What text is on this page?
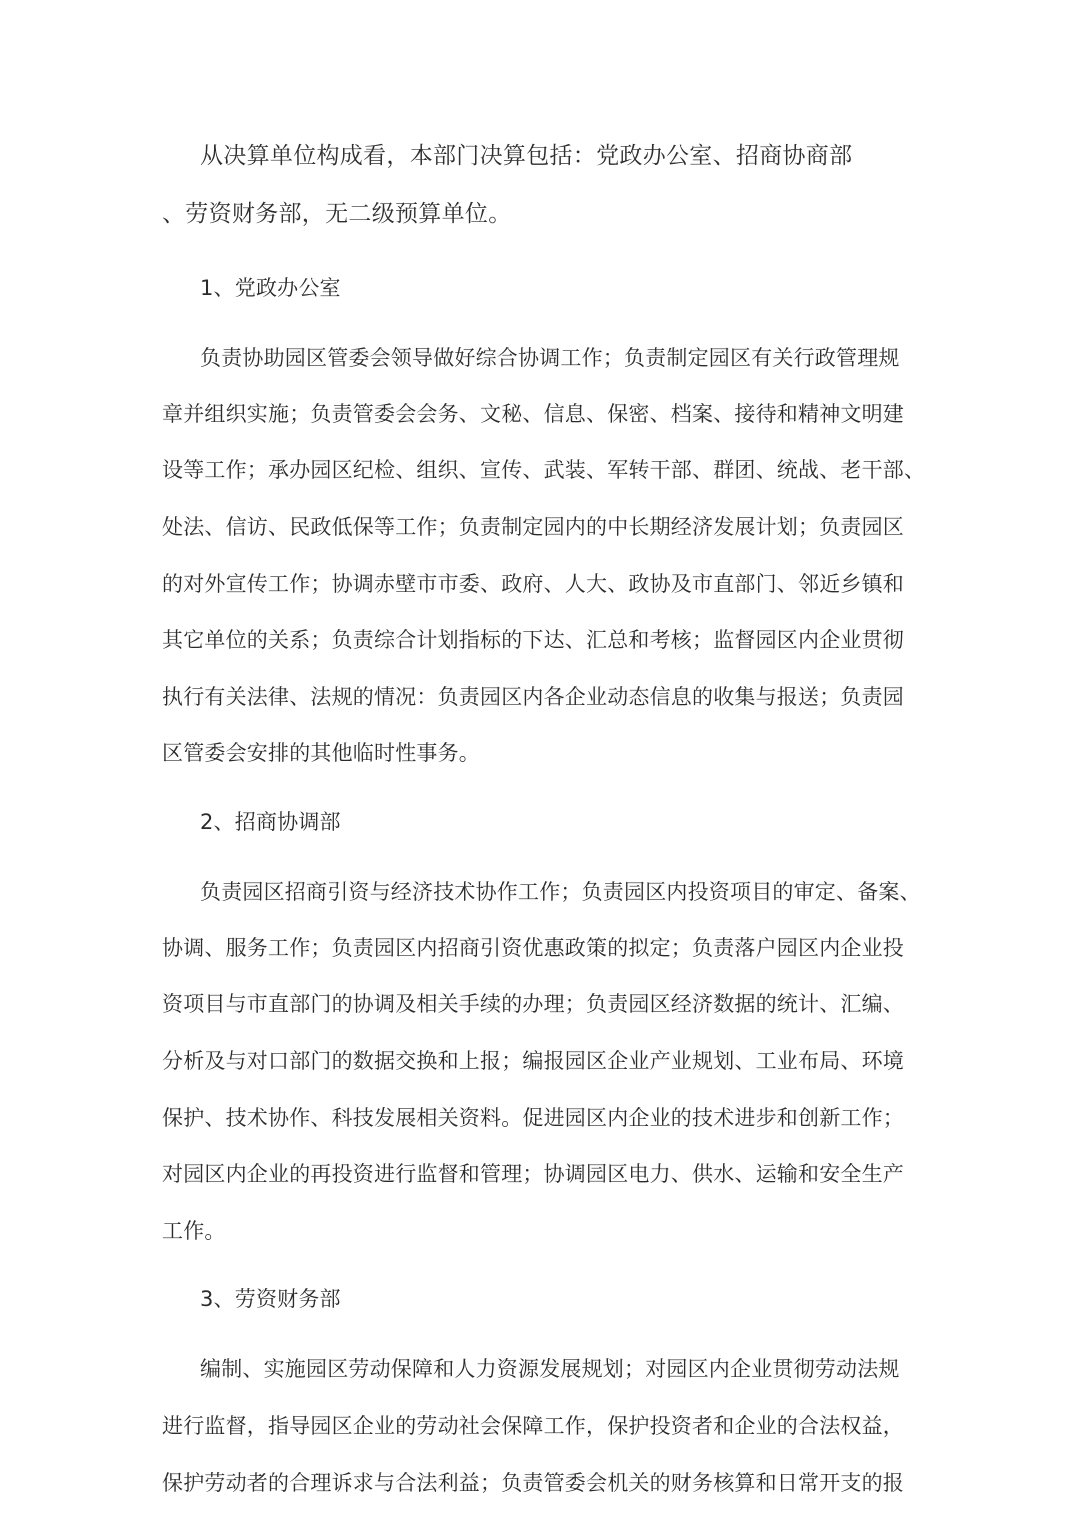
从决算单位构成看，本部门决算包括：党政办公室、招商协商部
、劳资财务部，无二级预算单位。
1、党政办公室
负责协助园区管委会领导做好综合协调工作；负责制定园区有关行政管理规
章并组织实施；负责管委会会务、文秘、信息、保密、档案、接待和精神文明建
设等工作；承办园区纪检、组织、宣传、武装、军转干部、群团、统战、老干部、
处法、信访、民政低保等工作；负责制定园内的中长期经济发展计划；负责园区
的对外宣传工作；协调赤壁市市委、政府、人大、政协及市直部门、邻近乡镇和
其它单位的关系；负责综合计划指标的下达、汇总和考核；监督园区内企业贯彻
执行有关法律、法规的情况：负责园区内各企业动态信息的收集与报送；负责园
区管委会安排的其他临时性事务。
2、招商协调部
负责园区招商引资与经济技术协作工作；负责园区内投资项目的审定、备案、
协调、服务工作；负责园区内招商引资优惠政策的拟定；负责落户园区内企业投
资项目与市直部门的协调及相关手续的办理；负责园区经济数据的统计、汇编、
分析及与对口部门的数据交换和上报；编报园区企业产业规划、工业布局、环境
保护、技术协作、科技发展相关资料。促进园区内企业的技术进步和创新工作；
对园区内企业的再投资进行监督和管理；协调园区电力、供水、运输和安全生产
工作。
3、劳资财务部
编制、实施园区劳动保障和人力资源发展规划；对园区内企业贯彻劳动法规
进行监督，指导园区企业的劳动社会保障工作，保护投资者和企业的合法权益，
保护劳动者的合理诉求与合法利益；负责管委会机关的财务核算和日常开支的报
